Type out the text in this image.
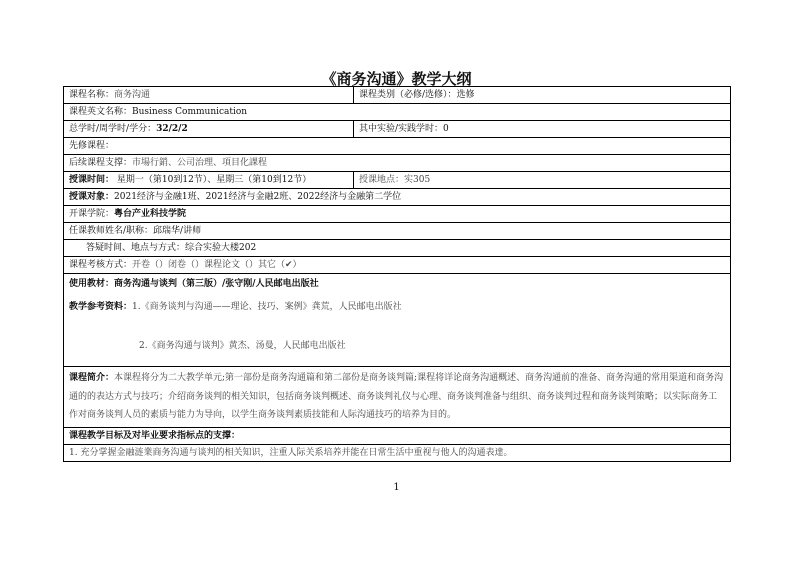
《商务沟通》教学大纲
课程名称：商务沟通	课程类别（必修/选修）：选修
课程英文名称：Business Communication	
总学时/周学时/学分：32/2/2	其中实验/实践学时：0
先修课程：	
后续课程支撑：市場行銷、公司治理、項目化課程	
授课时间： 星期一（第10到12节）、星期三（第10到12节）	授课地点：实305
授课对象：2021经济与金融1班、2021经济与金融2班、2022经济与金融第二学位	
开课学院：粤台产业科技学院	
任课教师姓名/职称：邱瑞华/讲师	
答疑时间、地点与方式：综合实验大楼202	
课程考核方式：开卷（）闭卷（）课程论文（）其它（✔）	

使用教材：商务沟通与谈判（第三版）/张守刚/人民邮电出版社
教学参考资料：1.《商务谈判与沟通——理论、技巧、案例》龚荒，人民邮电出版社
2.《商务沟通与谈判》黄杰、汤曼，人民邮电出版社	

课程简介：本课程将分为二大教学单元;第一部份是商务沟通篇和第二部份是商务谈判篇;课程将详论商务沟通概述、商务沟通前的准备、商务沟通的常用渠道和商务沟通的的表达方式与技巧；介绍商务谈判的相关知识，包括商务谈判概述、商务谈判礼仪与心理、商务谈判准备与组织、商务谈判过程和商务谈判策略；以实际商务工作对商务谈判人员的素质与能力为导向，以学生商务谈判素质技能和人际沟通技巧的培养为目的。	
课程教学目标及对毕业要求指标点的支撑：	
1. 充分掌握金融涟業商务沟通与谈判的相关知识，注重人际关系培养并能在日常生活中重视与他人的沟通表達。	
1
